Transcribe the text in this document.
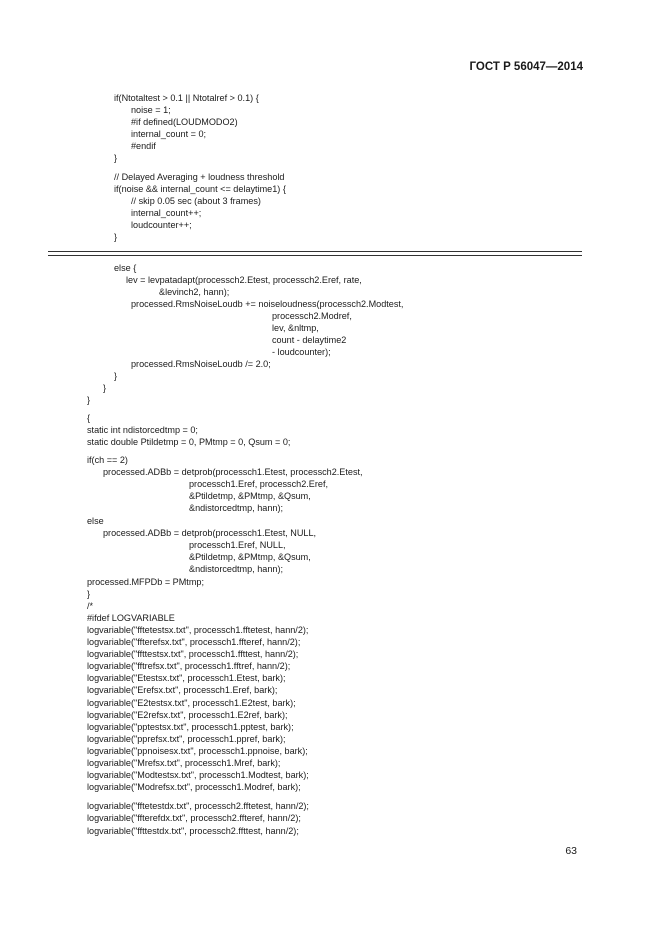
ГОСТ Р 56047—2014
if(Ntotaltest > 0.1 || Ntotalref > 0.1) {
noise = 1;
#if defined(LOUDMODO2)
internal_count = 0;
#endif
}
// Delayed Averaging + loudness threshold
if(noise && internal_count <= delaytime1) {
// skip 0.05 sec (about 3 frames)
internal_count++;
loudcounter++;
}
else {
lev = levpatadapt(processch2.Etest, processch2.Eref, rate,
&levinch2, hann);
processed.RmsNoiseLoudb += noiseloudness(processch2.Modtest,
processch2.Modref,
lev, &nltmp,
count - delaytime2
- loudcounter);
processed.RmsNoiseLoudb /= 2.0;
}
}
}
{
static int ndistorcedtmp = 0;
static double Ptildetmp = 0, PMtmp = 0, Qsum = 0;
if(ch == 2)
processed.ADBb = detprob(processch1.Etest, processch2.Etest,
processch1.Eref, processch2.Eref,
&Ptildetmp, &PMtmp, &Qsum,
&ndistorcedtmp, hann);
else
processed.ADBb = detprob(processch1.Etest, NULL,
processch1.Eref, NULL,
&Ptildetmp, &PMtmp, &Qsum,
&ndistorcedtmp, hann);
processed.MFPDb = PMtmp;
}
/*
#ifdef LOGVARIABLE
logvariable("fftetestsx.txt", processch1.fftetest, hann/2);
logvariable("ffterefsx.txt", processch1.ffteref, hann/2);
logvariable("ffttestsx.txt", processch1.ffttest, hann/2);
logvariable("fftrefsx.txt", processch1.fftref, hann/2);
logvariable("Etestsx.txt", processch1.Etest, bark);
logvariable("Erefsx.txt", processch1.Eref, bark);
logvariable("E2testsx.txt", processch1.E2test, bark);
logvariable("E2refsx.txt", processch1.E2ref, bark);
logvariable("pptestsx.txt", processch1.pptest, bark);
logvariable("pprefsx.txt", processch1.ppref, bark);
logvariable("ppnoisesx.txt", processch1.ppnoise, bark);
logvariable("Mrefsx.txt", processch1.Mref, bark);
logvariable("Modtestsx.txt", processch1.Modtest, bark);
logvariable("Modrefsx.txt", processch1.Modref, bark);
logvariable("fftetestdx.txt", processch2.fftetest, hann/2);
logvariable("ffterefdx.txt", processch2.ffteref, hann/2);
logvariable("ffttestdx.txt", processch2.ffttest, hann/2);
63
